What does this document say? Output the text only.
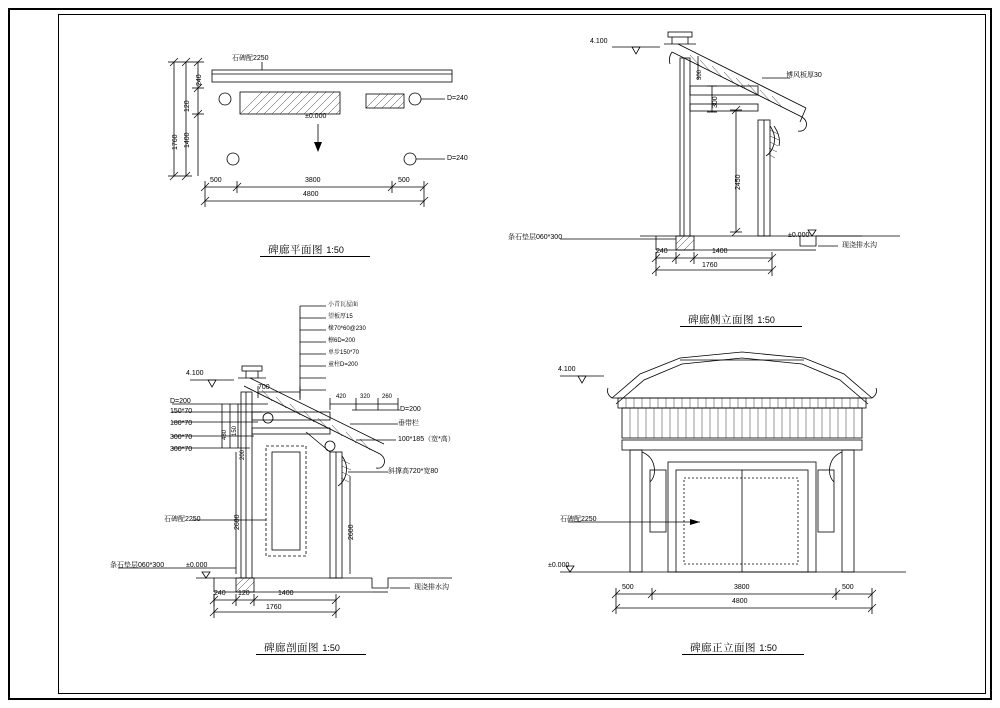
石碑配2250
240
120
1400
1760
500	3800	500
4800
D=240
D=240
±0.000
碑廊平面图 1:50
4.100
博风板厚30
300
300
2450
条石垫层060*300	±0.000
现浇排水沟
240	1400
1760
碑廊侧立面图 1:50
4.100
小青瓦屋面
望板厚15
椽70*60@230
檩6D=200
单步150*70
童柱D=200
420 320 260
700
D=200
150*70
180*70
300*70
300*70
480 150
D=200
垂带栏
100*185（宽*高）
斜撑高720*宽80
2600
2600
200
石碑配2250
条石垫层060*300	±0.000
现浇排水沟
240 120	1400
1760
碑廊剖面图 1:50
4.100
石碑配2250
±0.000
500	3800	500
4800
碑廊正立面图 1:50
